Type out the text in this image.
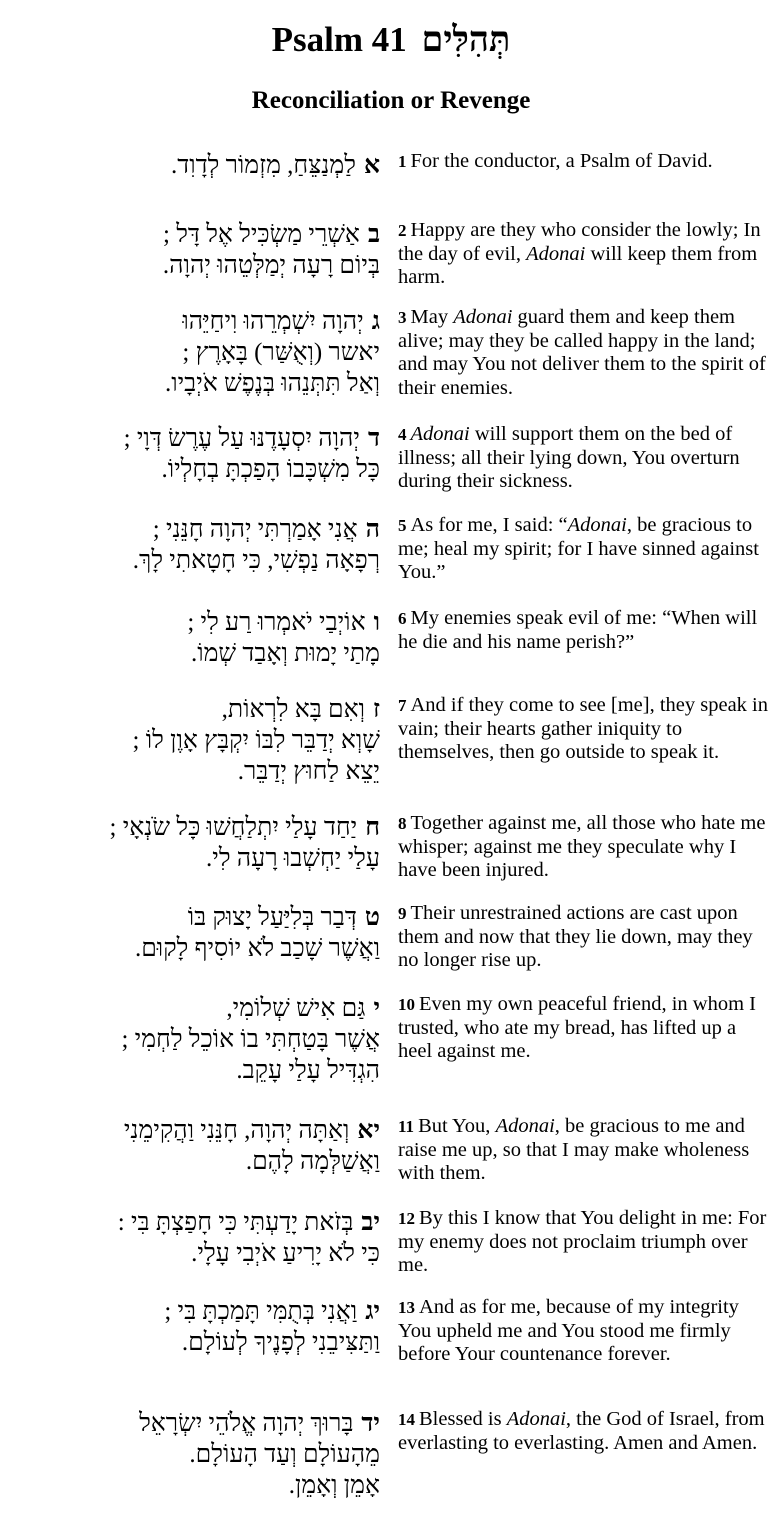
Psalm 41 תְּהִלִּים
Reconciliation or Revenge
אלַמְנַצֵּחַ, מִזְמוֹר לְדָוִד.	1 For the conductor, a Psalm of David.
באַשְׁרֵי מַשְׂכִּיל אֶל דָּל ;
בְּיוֹם רָעָה יְמַלְּטֵהוּ יְהוָה.
2 Happy are they who consider the lowly; In the day of evil, Adonai will keep them from harm.
גיְהוָה יִשְׁמְרֵהוּ וִיחַיֵּהוּ
יאשר (וְאֻשַּׁר) בָּאָרֶץ ;
וְאַל תִּתְּנֵהוּ בְּנֶפֶשׁ אֹיְבָיו.
3 May Adonai guard them and keep them alive; may they be called happy in the land; and may You not deliver them to the spirit of their enemies.
דיְהוָה יִסְעָדֶנּוּ עַל עֶרֶשׂ דְּוָי ;
כָּל מִשְׁכָּבוֹ הָפַכְתָּ בְחָלְיוֹ.
4 Adonai will support them on the bed of illness; all their lying down, You overturn during their sickness.
האֲנִי אָמַרְתִּי יְהוָה חָנֵּנִי ;
רְפָאָה נַפְשִׁי, כִּי חָטָאתִי לָךְ.
5 As for me, I said: “Adonai, be gracious to me; heal my spirit; for I have sinned against You.”
ואוֹיְבַי יֹאמְרוּ רַע לִי ;
מָתַי יָמוּת וְאָבַד שְׁמוֹ.
6 My enemies speak evil of me: “When will he die and his name perish?”
זוְאִם בָּא לִרְאוֹת,
שָׁוְא יְדַבֵּר לִבּוֹ יִקְבָּץ אָוֶן לוֹ ;
יֵצֵא לַחוּץ יְדַבֵּר.
7 And if they come to see [me], they speak in vain; their hearts gather iniquity to themselves, then go outside to speak it.
חיַחַד עָלַי יִתְלַחֲשׁוּ כָּל שֹׂנְאָי ;
עָלַי יַחְשְׁבוּ רָעָה לִי.
8 Together against me, all those who hate me whisper; against me they speculate why I have been injured.
טדְּבַר בְּלִיַּעַל יָצוּק בּוֹ
וַאֲשֶׁר שָׁכַב לֹא יוֹסִיף לָקוּם.
9 Their unrestrained actions are cast upon them and now that they lie down, may they no longer rise up.
יגַּם אִישׁ שְׁלוֹמִי,
אֲשֶׁר בָּטַחְתִּי בוֹ אוֹכֵל לַחְמִי ;
הִגְדִּיל עָלַי עָקֵב.
10 Even my own peaceful friend, in whom I trusted, who ate my bread, has lifted up a heel against me.
יאוְאַתָּה יְהוָה, חָנֵּנִי וַהֲקִימֵנִי
וַאֲשַׁלְּמָה לָהֶם.
11 But You, Adonai, be gracious to me and raise me up, so that I may make wholeness with them.
יבבְּזֹאת יָדַעְתִּי כִּי חָפַצְתָּ בִּי :
כִּי לֹא יָרִיעַ אֹיְבִי עָלָי.
12 By this I know that You delight in me: For my enemy does not proclaim triumph over me.
יגוַאֲנִי בְּתֻמִּי תָּמַכְתָּ בִּי ;
וַתַּצִּיבֵנִי לְפָנֶיךָ לְעוֹלָם.
13 And as for me, because of my integrity You upheld me and You stood me firmly before Your countenance forever.
ידבָּרוּךְ יְהוָה אֱלֹהֵי יִשְׂרָאֵל
מֵהָעוֹלָם וְעַד הָעוֹלָם.
אָמֵן וְאָמֵן.
14 Blessed is Adonai, the God of Israel, from everlasting to everlasting. Amen and Amen.
